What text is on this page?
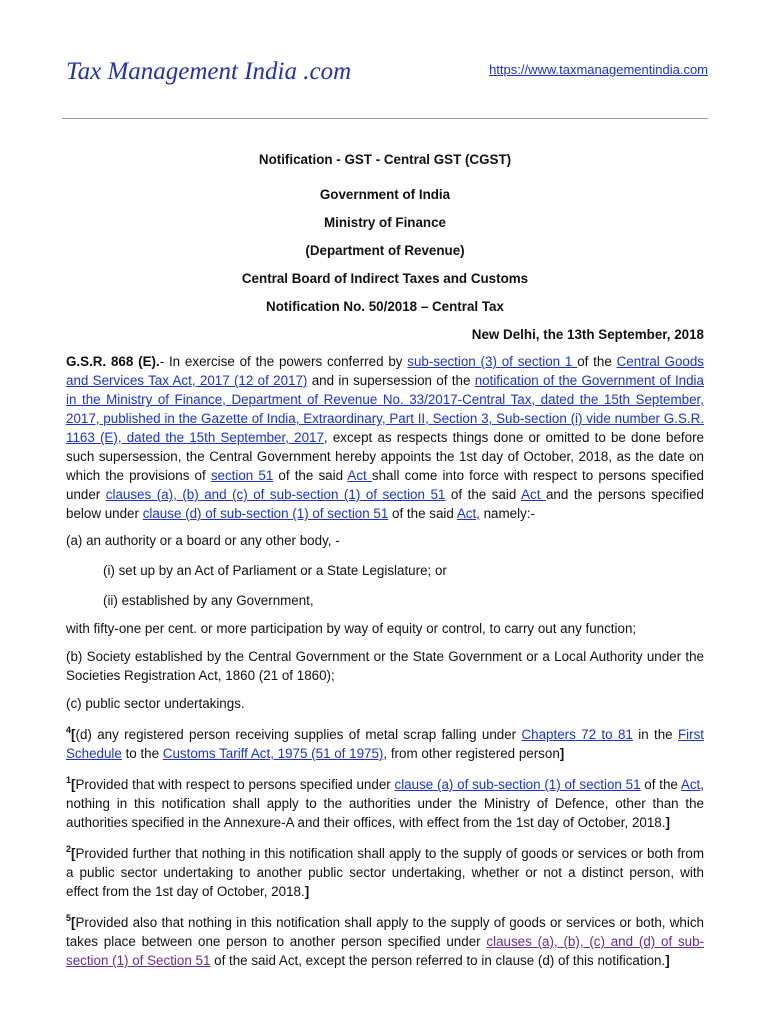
Tax Management India .com	https://www.taxmanagementindia.com

Notification - GST - Central GST (CGST)

Government of India

Ministry of Finance

(Department of Revenue)

Central Board of Indirect Taxes and Customs

Notification No. 50/2018 – Central Tax

New Delhi, the 13th September, 2018

G.S.R. 868 (E).- In exercise of the powers conferred by sub-section (3) of section 1 of the Central Goods and Services Tax Act, 2017 (12 of 2017) and in supersession of the notification of the Government of India in the Ministry of Finance, Department of Revenue No. 33/2017-Central Tax, dated the 15th September, 2017, published in the Gazette of India, Extraordinary, Part II, Section 3, Sub-section (i) vide number G.S.R. 1163 (E), dated the 15th September, 2017, except as respects things done or omitted to be done before such supersession, the Central Government hereby appoints the 1st day of October, 2018, as the date on which the provisions of section 51 of the said Act shall come into force with respect to persons specified under clauses (a), (b) and (c) of sub-section (1) of section 51 of the said Act and the persons specified below under clause (d) of sub-section (1) of section 51 of the said Act, namely:-

(a) an authority or a board or any other body, -

(i) set up by an Act of Parliament or a State Legislature; or

(ii) established by any Government,

with fifty-one per cent. or more participation by way of equity or control, to carry out any function;

(b) Society established by the Central Government or the State Government or a Local Authority under the Societies Registration Act, 1860 (21 of 1860);

(c) public sector undertakings.

$^4$[(d) any registered person receiving supplies of metal scrap falling under Chapters 72 to 81 in the First Schedule to the Customs Tariff Act, 1975 (51 of 1975), from other registered person]

$^1$[Provided that with respect to persons specified under clause (a) of sub-section (1) of section 51 of the Act, nothing in this notification shall apply to the authorities under the Ministry of Defence, other than the authorities specified in the Annexure-A and their offices, with effect from the 1st day of October, 2018.]

$^2$[Provided further that nothing in this notification shall apply to the supply of goods or services or both from a public sector undertaking to another public sector undertaking, whether or not a distinct person, with effect from the 1st day of October, 2018.]

$^5$[Provided also that nothing in this notification shall apply to the supply of goods or services or both, which takes place between one person to another person specified under clauses (a), (b), (c) and (d) of sub-section (1) of Section 51 of the said Act, except the person referred to in clause (d) of this notification.]
